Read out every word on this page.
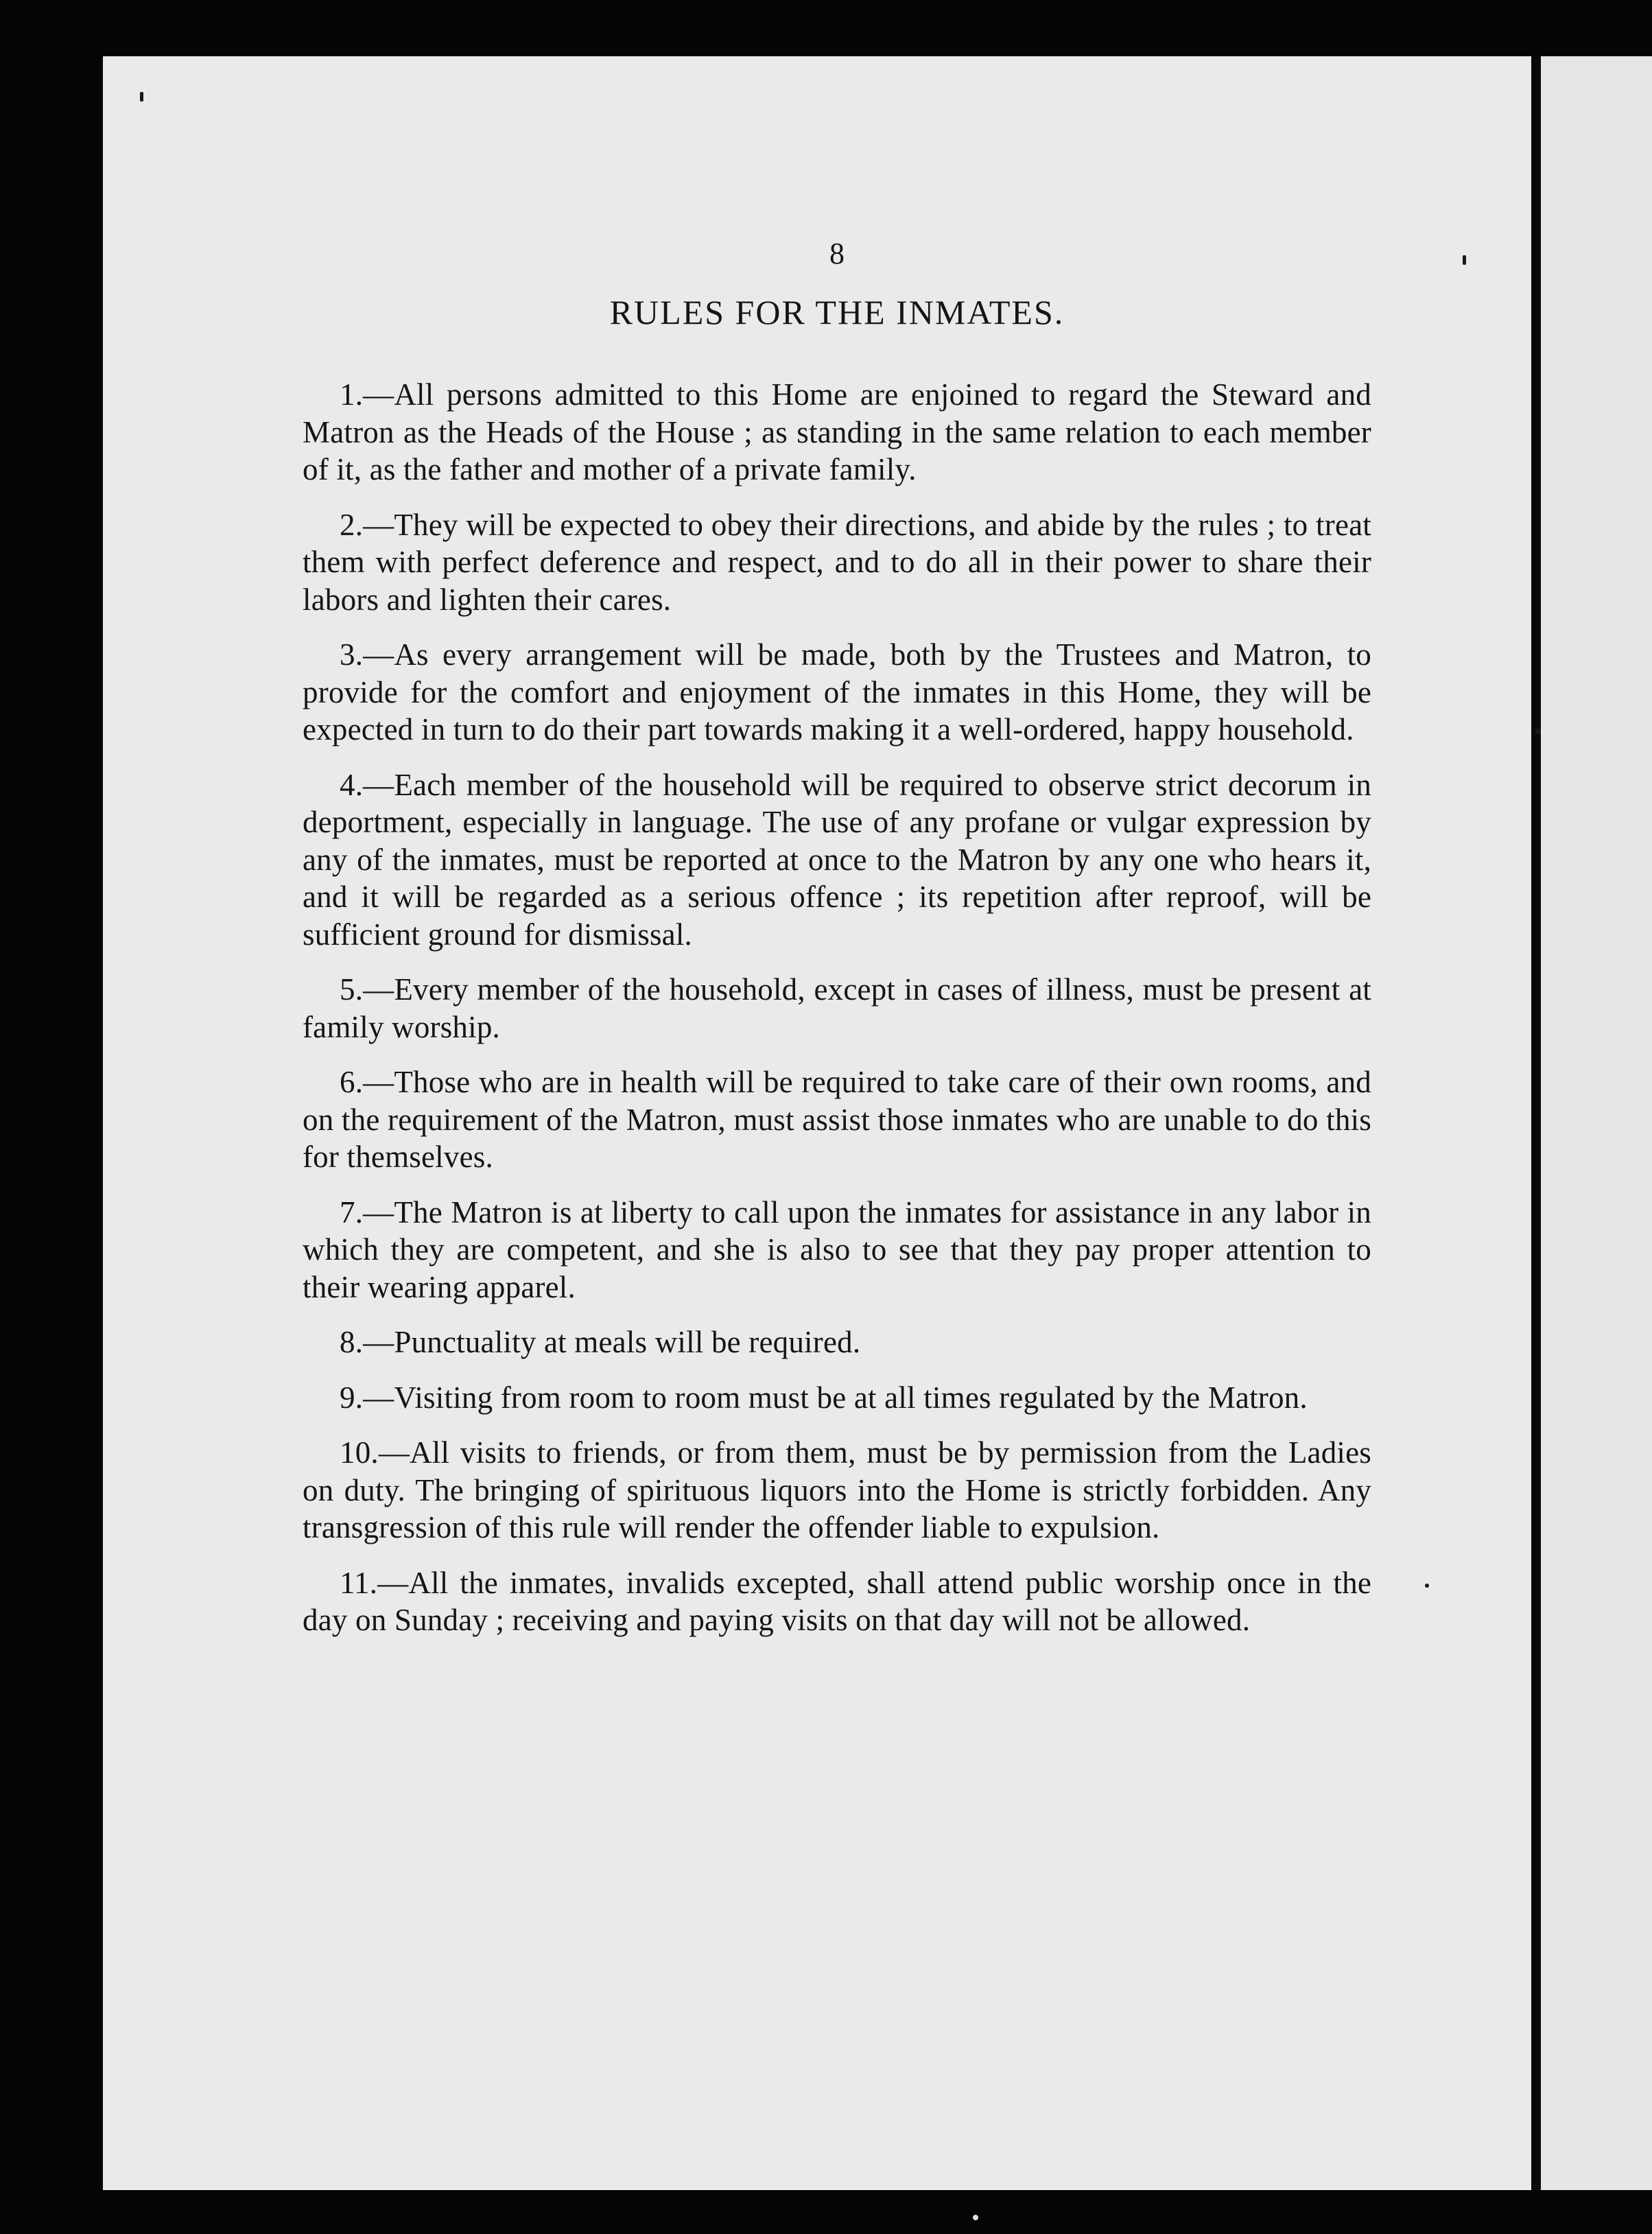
8
RULES FOR THE INMATES.

1.—All persons admitted to this Home are enjoined to regard the Steward and Matron as the Heads of the House ; as standing in the same relation to each member of it, as the father and mother of a private family.

2.—They will be expected to obey their directions, and abide by the rules ; to treat them with perfect deference and respect, and to do all in their power to share their labors and lighten their cares.

3.—As every arrangement will be made, both by the Trustees and Matron, to provide for the comfort and enjoyment of the inmates in this Home, they will be expected in turn to do their part towards making it a well-ordered, happy household.

4.—Each member of the household will be required to observe strict decorum in deportment, especially in language. The use of any profane or vulgar expression by any of the inmates, must be reported at once to the Matron by any one who hears it, and it will be regarded as a serious offence ; its repetition after reproof, will be sufficient ground for dismissal.

5.—Every member of the household, except in cases of illness, must be present at family worship.

6.—Those who are in health will be required to take care of their own rooms, and on the requirement of the Matron, must assist those inmates who are unable to do this for themselves.

7.—The Matron is at liberty to call upon the inmates for assistance in any labor in which they are competent, and she is also to see that they pay proper attention to their wearing apparel.

8.—Punctuality at meals will be required.

9.—Visiting from room to room must be at all times regulated by the Matron.

10.—All visits to friends, or from them, must be by permission from the Ladies on duty. The bringing of spirituous liquors into the Home is strictly forbidden. Any transgression of this rule will render the offender liable to expulsion.

11.—All the inmates, invalids excepted, shall attend public worship once in the day on Sunday ; receiving and paying visits on that day will not be allowed.
